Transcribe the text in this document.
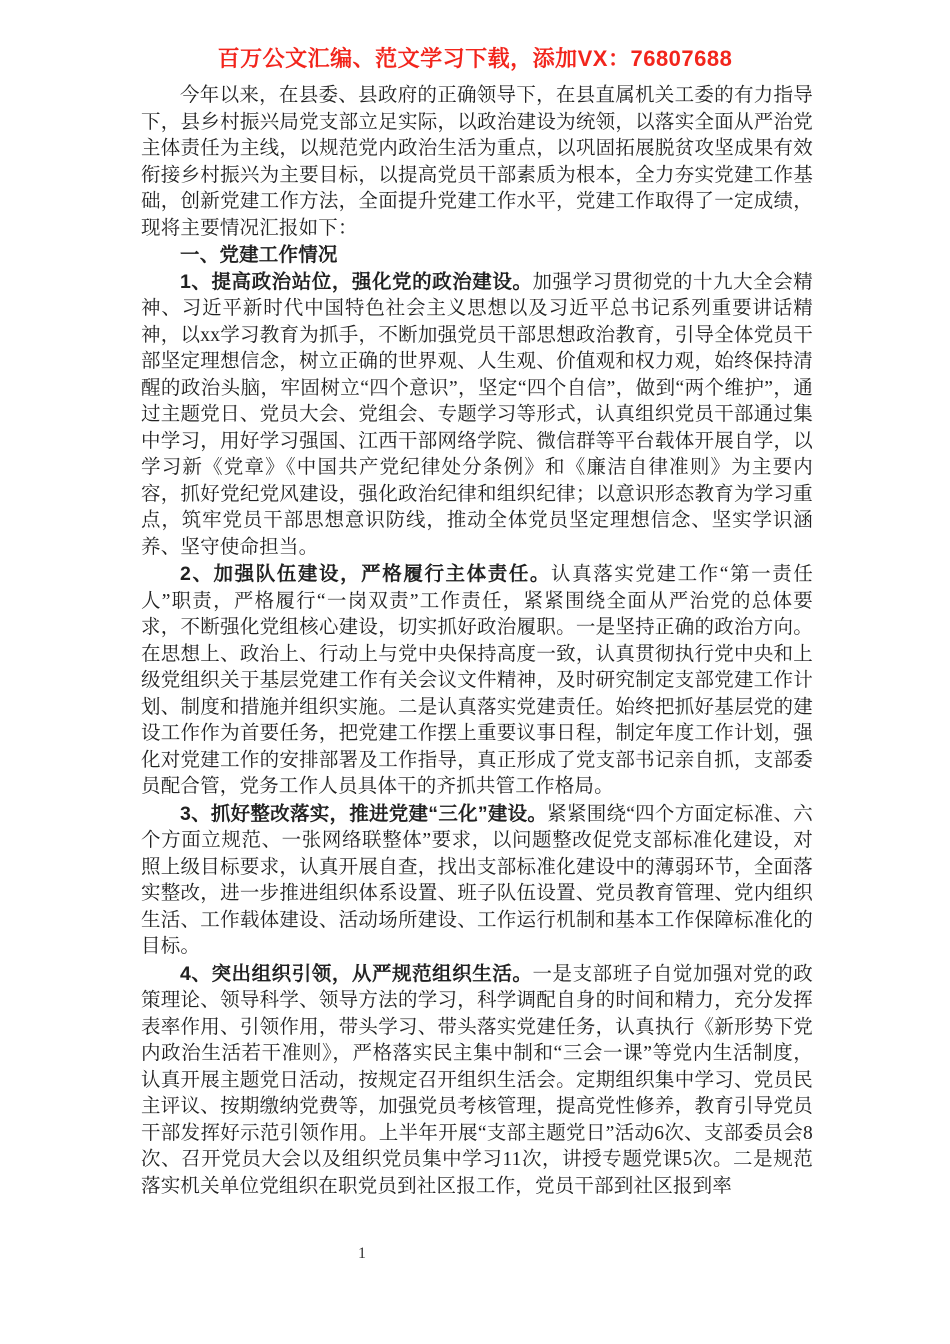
百万公文汇编、范文学习下载，添加VX：76807688

今年以来，在县委、县政府的正确领导下，在县直属机关工委的有力指导下，县乡村振兴局党支部立足实际，以政治建设为统领，以落实全面从严治党主体责任为主线，以规范党内政治生活为重点，以巩固拓展脱贫攻坚成果有效衔接乡村振兴为主要目标，以提高党员干部素质为根本，全力夯实党建工作基础，创新党建工作方法，全面提升党建工作水平，党建工作取得了一定成绩，现将主要情况汇报如下：

一、党建工作情况

1、提高政治站位，强化党的政治建设。加强学习贯彻党的十九大全会精神、习近平新时代中国特色社会主义思想以及习近平总书记系列重要讲话精神，以xx学习教育为抓手，不断加强党员干部思想政治教育，引导全体党员干部坚定理想信念，树立正确的世界观、人生观、价值观和权力观，始终保持清醒的政治头脑，牢固树立“四个意识”，坚定“四个自信”，做到“两个维护”，通过主题党日、党员大会、党组会、专题学习等形式，认真组织党员干部通过集中学习，用好学习强国、江西干部网络学院、微信群等平台载体开展自学，以学习新《党章》《中国共产党纪律处分条例》和《廉洁自律准则》为主要内容，抓好党纪党风建设，强化政治纪律和组织纪律；以意识形态教育为学习重点，筑牢党员干部思想意识防线，推动全体党员坚定理想信念、坚实学识涵养、坚守使命担当。

2、加强队伍建设，严格履行主体责任。认真落实党建工作“第一责任人”职责，严格履行“一岗双责”工作责任，紧紧围绕全面从严治党的总体要求，不断强化党组核心建设，切实抓好政治履职。一是坚持正确的政治方向。在思想上、政治上、行动上与党中央保持高度一致，认真贯彻执行党中央和上级党组织关于基层党建工作有关会议文件精神，及时研究制定支部党建工作计划、制度和措施并组织实施。二是认真落实党建责任。始终把抓好基层党的建设工作作为首要任务，把党建工作摆上重要议事日程，制定年度工作计划，强化对党建工作的安排部署及工作指导，真正形成了党支部书记亲自抓，支部委员配合管，党务工作人员具体干的齐抓共管工作格局。

3、抓好整改落实，推进党建“三化”建设。紧紧围绕“四个方面定标准、六个方面立规范、一张网络联整体”要求，以问题整改促党支部标准化建设，对照上级目标要求，认真开展自查，找出支部标准化建设中的薄弱环节，全面落实整改，进一步推进组织体系设置、班子队伍设置、党员教育管理、党内组织生活、工作载体建设、活动场所建设、工作运行机制和基本工作保障标准化的目标。

4、突出组织引领，从严规范组织生活。一是支部班子自觉加强对党的政策理论、领导科学、领导方法的学习，科学调配自身的时间和精力，充分发挥表率作用、引领作用，带头学习、带头落实党建任务，认真执行《新形势下党内政治生活若干准则》，严格落实民主集中制和“三会一课”等党内生活制度，认真开展主题党日活动，按规定召开组织生活会。定期组织集中学习、党员民主评议、按期缴纳党费等，加强党员考核管理，提高党性修养，教育引导党员干部发挥好示范引领作用。上半年开展“支部主题党日”活动6次、支部委员会8次、召开党员大会以及组织党员集中学习11次，讲授专题党课5次。二是规范落实机关单位党组织在职党员到社区报工作，党员干部到社区报到率

1
